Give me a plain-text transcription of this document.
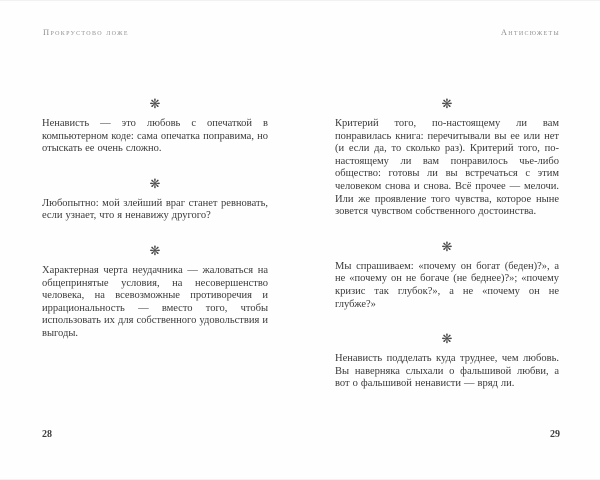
Прокрустово ложе	Антисюжеты
❋

Ненависть — это любовь с опечаткой в компьютерном коде: сама опечатка поправима, но отыскать ее очень сложно.

❋

Любопытно: мой злейший враг станет ревновать, если узнает, что я ненавижу другого?

❋

Характерная черта неудачника — жаловаться на общепринятые условия, на несовершенство человека, на всевозможные противоречия и иррациональность — вместо того, чтобы использовать их для собственного удовольствия и выгоды.

❋

Критерий того, по-настоящему ли вам понравилась книга: перечитывали вы ее или нет (и если да, то сколько раз). Критерий того, по-настоящему ли вам понравилось чье-либо общество: готовы ли вы встречаться с этим человеком снова и снова. Всё прочее — мелочи. Или же проявление того чувства, которое ныне зовется чувством собственного достоинства.

❋

Мы спрашиваем: «почему он богат (беден)?», а не «почему он не богаче (не беднее)?»; «почему кризис так глубок?», а не «почему он не глубже?»

❋

Ненависть подделать куда труднее, чем любовь. Вы наверняка слыхали о фальшивой любви, а вот о фальшивой ненависти — вряд ли.

28	29
